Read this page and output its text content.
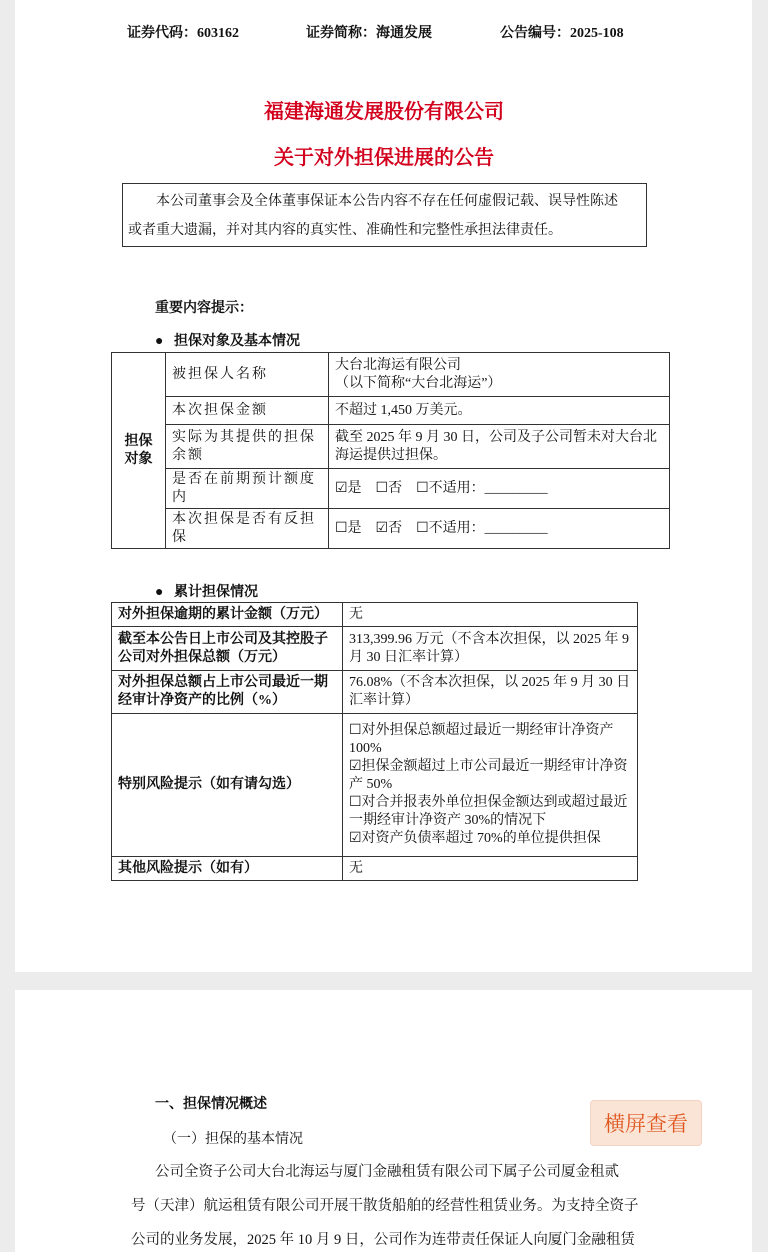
证券代码：603162	证券简称：海通发展	公告编号：2025-108
福建海通发展股份有限公司
关于对外担保进展的公告
本公司董事会及全体董事保证本公告内容不存在任何虚假记载、误导性陈述
或者重大遗漏，并对其内容的真实性、准确性和完整性承担法律责任。
重要内容提示：
●   担保对象及基本情况
担保对象	被担保人名称	大台北海运有限公司
（以下简称“大台北海运”）
	本次担保金额	不超过 1,450 万美元。
	实际为其提供的担保余额	截至 2025 年 9 月 30 日，公司及子公司暂未对大台北海运提供过担保。
	是否在前期预计额度内	☑是　☐否　☐不适用：_________
	本次担保是否有反担保	☐是　☑否　☐不适用：_________
●   累计担保情况
对外担保逾期的累计金额（万元）	无
截至本公告日上市公司及其控股子公司对外担保总额（万元）	313,399.96 万元（不含本次担保，以 2025 年 9 月 30 日汇率计算）
对外担保总额占上市公司最近一期经审计净资产的比例（%）	76.08%（不含本次担保，以 2025 年 9 月 30 日汇率计算）
特别风险提示（如有请勾选）	☐对外担保总额超过最近一期经审计净资产 100%
☑担保金额超过上市公司最近一期经审计净资产 50%
☐对合并报表外单位担保金额达到或超过最近一期经审计净资产 30%的情况下
☑对资产负债率超过 70%的单位提供担保
其他风险提示（如有）	无
一、担保情况概述
（一）担保的基本情况
公司全资子公司大台北海运与厦门金融租赁有限公司下属子公司厦金租贰
号（天津）航运租赁有限公司开展干散货船舶的经营性租赁业务。为支持全资子
公司的业务发展，2025 年 10 月 9 日，公司作为连带责任保证人向厦门金融租赁
横屏查看
